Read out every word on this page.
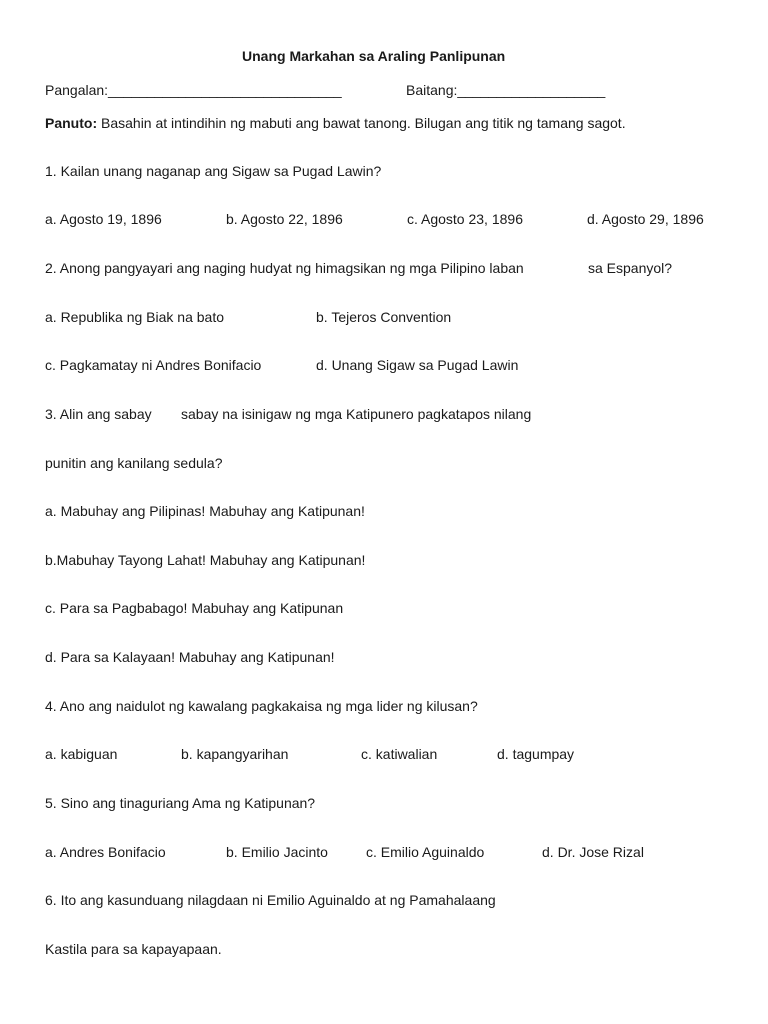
Unang Markahan sa Araling Panlipunan
Pangalan:______________________________	Baitang:___________________
Panuto: Basahin at intindihin ng mabuti ang bawat tanong. Bilugan ang titik ng tamang sagot.
1. Kailan unang naganap ang Sigaw sa Pugad Lawin?
a. Agosto 19, 1896	b. Agosto 22, 1896	c. Agosto 23, 1896	d. Agosto 29, 1896
2. Anong pangyayari ang naging hudyat ng himagsikan ng mga Pilipino laban	sa Espanyol?
a. Republika ng Biak na bato	b. Tejeros Convention
c. Pagkamatay ni Andres Bonifacio	d. Unang Sigaw sa Pugad Lawin
3. Alin ang sabay sabay na isinigaw ng mga Katipunero pagkatapos nilang
punitin ang kanilang sedula?
a. Mabuhay ang Pilipinas! Mabuhay ang Katipunan!
b.Mabuhay Tayong Lahat! Mabuhay ang Katipunan!
c. Para sa Pagbabago! Mabuhay ang Katipunan
d. Para sa Kalayaan! Mabuhay ang Katipunan!
4. Ano ang naidulot ng kawalang pagkakaisa ng mga lider ng kilusan?
a. kabiguan	b. kapangyarihan	c. katiwalian	d. tagumpay
5. Sino ang tinaguriang Ama ng Katipunan?
a. Andres Bonifacio	b. Emilio Jacinto	c. Emilio Aguinaldo	d. Dr. Jose Rizal
6. Ito ang kasunduang nilagdaan ni Emilio Aguinaldo at ng Pamahalaang
Kastila para sa kapayapaan.
